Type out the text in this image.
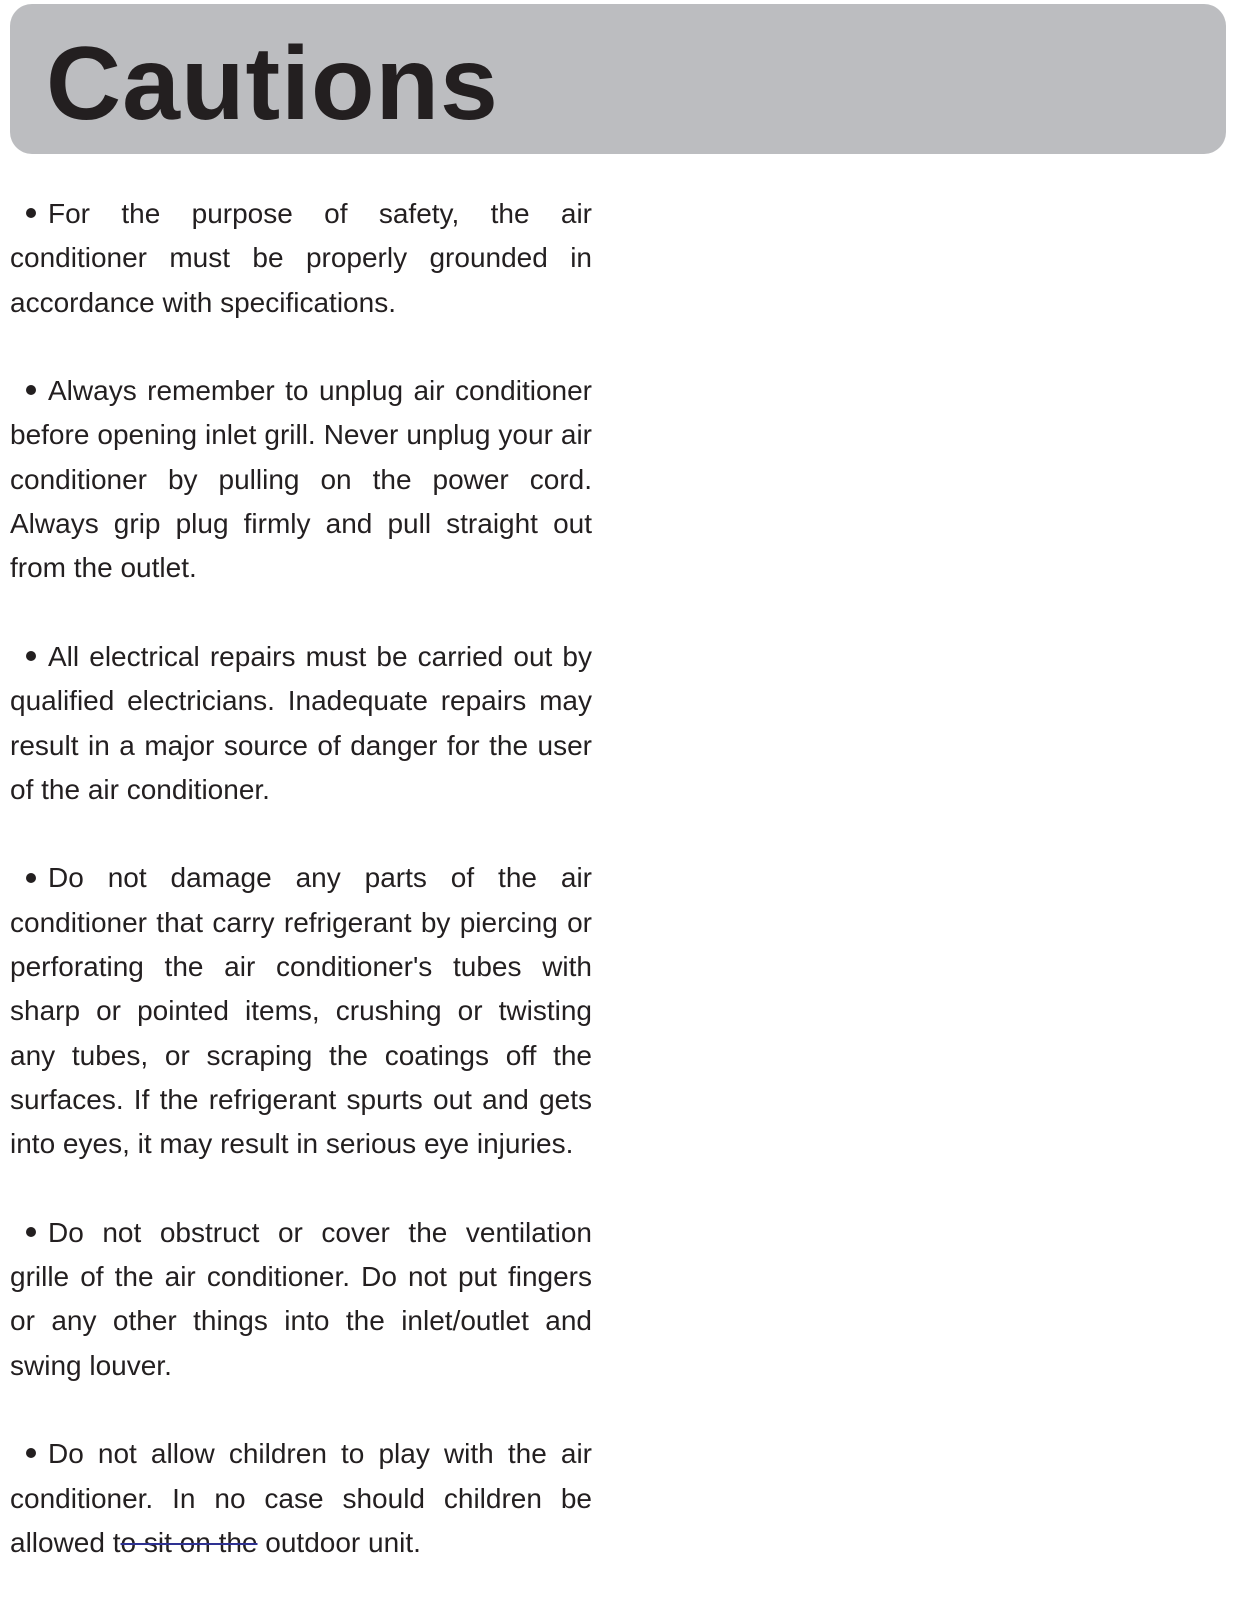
Cautions
For the purpose of safety, the air conditioner must be properly grounded in accordance with specifications.
Always remember to unplug air conditioner before opening inlet grill. Never unplug your air conditioner by pulling on the power cord. Always grip plug firmly and pull straight out from the outlet.
All electrical repairs must be carried out by qualified electricians. Inadequate repairs may result in a major source of danger for the user of the air conditioner.
Do not damage any parts of the air conditioner that carry refrigerant by piercing or perforating the air conditioner's tubes with sharp or pointed items, crushing or twisting any tubes, or scraping the coatings off the surfaces. If the refrigerant spurts out and gets into eyes, it may result in serious eye injuries.
Do not obstruct or cover the ventilation grille of the air conditioner. Do not put fingers or any other things into the inlet/outlet and swing louver.
Do not allow children to play with the air conditioner. In no case should children be allowed to sit on the outdoor unit.
